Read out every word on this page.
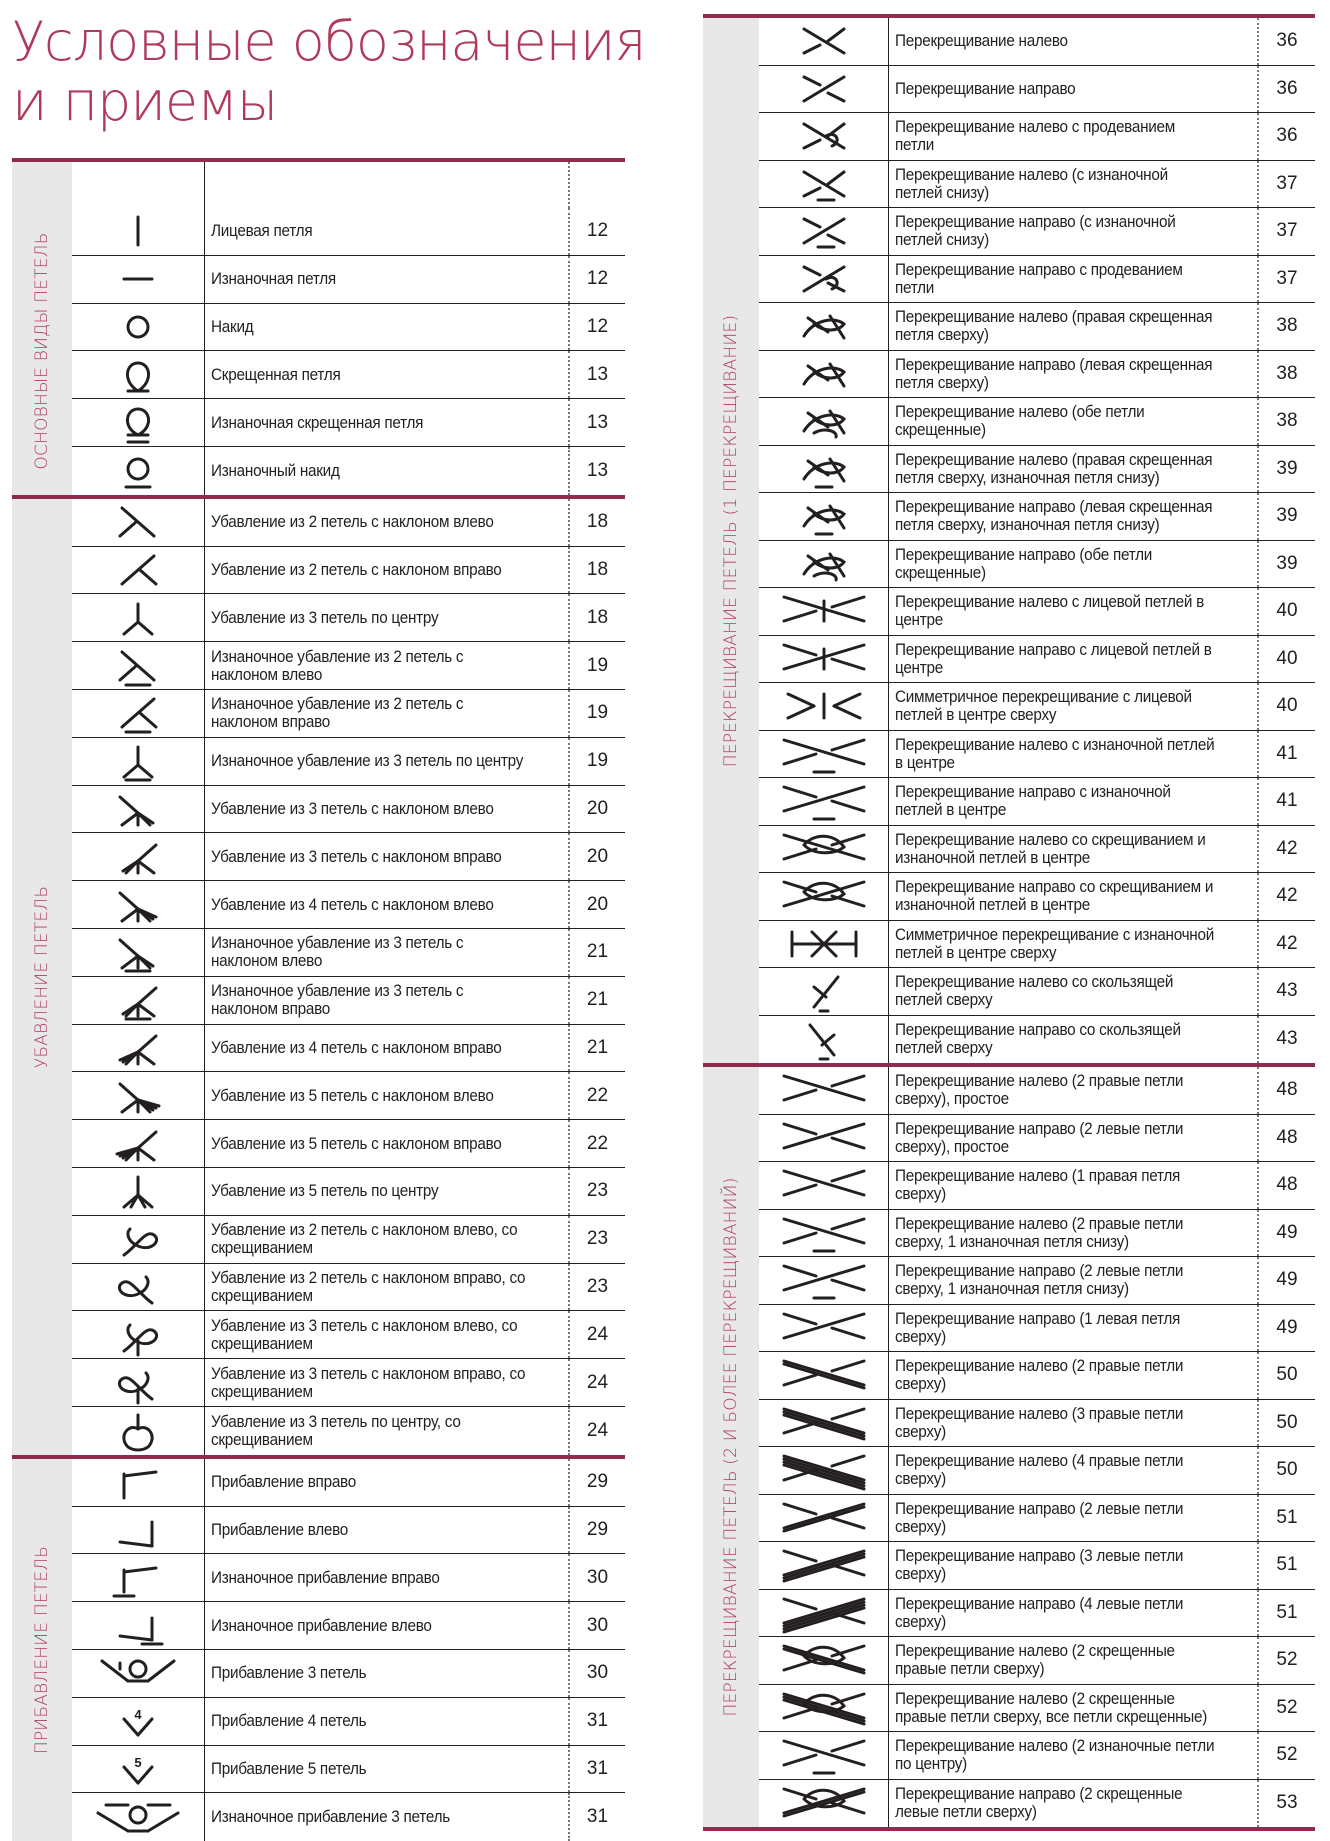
Условные обозначения
и приемы
ОСНОВНЫЕ ВИДЫ ПЕТЕЛЬ
Лицевая петля	12
Изнаночная петля	12
Накид	12
Скрещенная петля	13
Изнаночная скрещенная петля	13
Изнаночный накид	13
УБАВЛЕНИЕ ПЕТЕЛЬ
Убавление из 2 петель с наклоном влево	18
Убавление из 2 петель с наклоном вправо	18
Убавление из 3 петель по центру	18
Изнаночное убавление из 2 петель с наклоном влево	19
Изнаночное убавление из 2 петель с наклоном вправо	19
Изнаночное убавление из 3 петель по центру	19
Убавление из 3 петель с наклоном влево	20
Убавление из 3 петель с наклоном вправо	20
Убавление из 4 петель с наклоном влево	20
Изнаночное убавление из 3 петель с наклоном влево	21
Изнаночное убавление из 3 петель с наклоном вправо	21
Убавление из 4 петель с наклоном вправо	21
Убавление из 5 петель с наклоном влево	22
Убавление из 5 петель с наклоном вправо	22
Убавление из 5 петель по центру	23
Убавление из 2 петель с наклоном влево, со скрещиванием	23
Убавление из 2 петель с наклоном вправо, со скрещиванием	23
Убавление из 3 петель с наклоном влево, со скрещиванием	24
Убавление из 3 петель с наклоном вправо, со скрещиванием	24
Убавление из 3 петель по центру, со скрещиванием	24
ПРИБАВЛЕНИЕ ПЕТЕЛЬ
Прибавление вправо	29
Прибавление влево	29
Изнаночное прибавление вправо	30
Изнаночное прибавление влево	30
Прибавление 3 петель	30
4	Прибавление 4 петель	31
5	Прибавление 5 петель	31
Изнаночное прибавление 3 петель	31
ПЕРЕКРЕЩИВАНИЕ ПЕТЕЛЬ (1 ПЕРЕКРЕЩИВАНИЕ)
Перекрещивание налево	36
Перекрещивание направо	36
Перекрещивание налево с продеванием петли	36
Перекрещивание налево (с изнаночной петлей снизу)	37
Перекрещивание направо (с изнаночной петлей снизу)	37
Перекрещивание направо с продеванием петли	37
Перекрещивание налево (правая скрещенная петля сверху)	38
Перекрещивание направо (левая скрещенная петля сверху)	38
Перекрещивание налево (обе петли скрещенные)	38
Перекрещивание налево (правая скрещенная петля сверху, изнаночная петля снизу)	39
Перекрещивание направо (левая скрещенная петля сверху, изнаночная петля снизу)	39
Перекрещивание направо (обе петли скрещенные)	39
Перекрещивание налево с лицевой петлей в центре	40
Перекрещивание направо с лицевой петлей в центре	40
Симметричное перекрещивание с лицевой петлей в центре сверху	40
Перекрещивание налево с изнаночной петлей в центре	41
Перекрещивание направо с изнаночной петлей в центре	41
Перекрещивание налево со скрещиванием и изнаночной петлей в центре	42
Перекрещивание направо со скрещиванием и изнаночной петлей в центре	42
Симметричное перекрещивание с изнаночной петлей в центре сверху	42
Перекрещивание налево со скользящей петлей сверху	43
Перекрещивание направо со скользящей петлей сверху	43
ПЕРЕКРЕЩИВАНИЕ ПЕТЕЛЬ (2 И БОЛЕЕ ПЕРЕКРЕЩИВАНИЙ)
Перекрещивание налево (2 правые петли сверху), простое	48
Перекрещивание направо (2 левые петли сверху), простое	48
Перекрещивание налево (1 правая петля сверху)	48
Перекрещивание налево (2 правые петли сверху, 1 изнаночная петля снизу)	49
Перекрещивание направо (2 левые петли сверху, 1 изнаночная петля снизу)	49
Перекрещивание направо (1 левая петля сверху)	49
Перекрещивание налево (2 правые петли сверху)	50
Перекрещивание налево (3 правые петли сверху)	50
Перекрещивание налево (4 правые петли сверху)	50
Перекрещивание направо (2 левые петли сверху)	51
Перекрещивание направо (3 левые петли сверху)	51
Перекрещивание направо (4 левые петли сверху)	51
Перекрещивание налево (2 скрещенные правые петли сверху)	52
Перекрещивание налево (2 скрещенные правые петли сверху, все петли скрещенные)	52
Перекрещивание налево (2 изнаночные петли по центру)	52
Перекрещивание направо (2 скрещенные левые петли сверху)	53
